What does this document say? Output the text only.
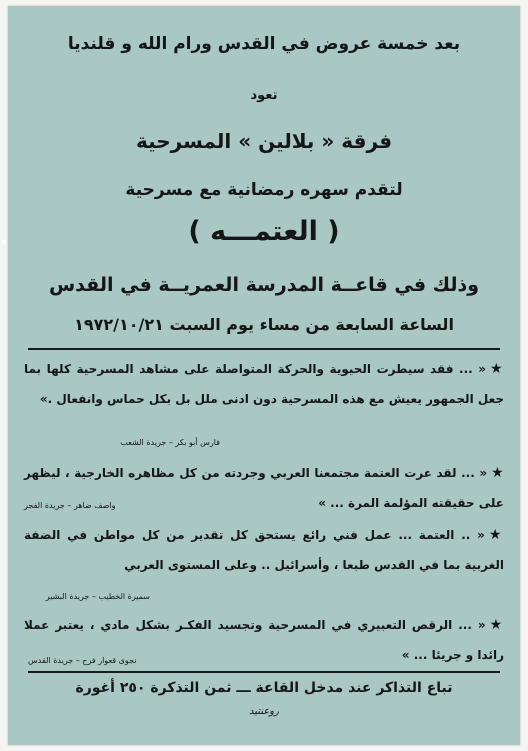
بعد خمسة عروض في القدس ورام الله و قلنديا
تعود
فرقة « بلالين » المسرحية
لتقدم سهره رمضانية مع مسرحية
( العتمـــه )
وذلك في قاعــة المدرسة العمريــة في القدس
الساعة السابعة من مساء يوم السبت ١٩٧٢/١٠/٢١
★« ... فقد سيطرت الحيوية والحركة المتواصلة على مشاهد المسرحية كلها بما جعل الجمهور يعيش مع هذه المسرحية دون ادنى ملل بل بكل حماس وانفعال .»
فارس أبو بكر – جريدة الشعب
★« ... لقد عرت العتمة مجتمعنا العربي وجردته من كل مظاهره الخارجية ، ليظهر على حقيقته المؤلمة المرة ... »
واصف ضاهر – جريدة الفجر
★« .. العتمة ... عمل فني رائع يستحق كل تقدير من كل مواطن في الضفة الغربية بما في القدس طبعا ، وأسرائيل .. وعلى المستوى العربي
سميرة الخطيب – جريدة البشير
★« ... الرقص التعبيري في المسرحية وتجسيد الفكـر بشكل مادي ، يعتبر عملا رائدا و جريئا ... »
نجوى قعوار فرح – جريدة القدس
تباع التذاكر عند مدخل القاعة ـــ ثمن التذكرة ٢٥٠ أغورة
روعنتيد
